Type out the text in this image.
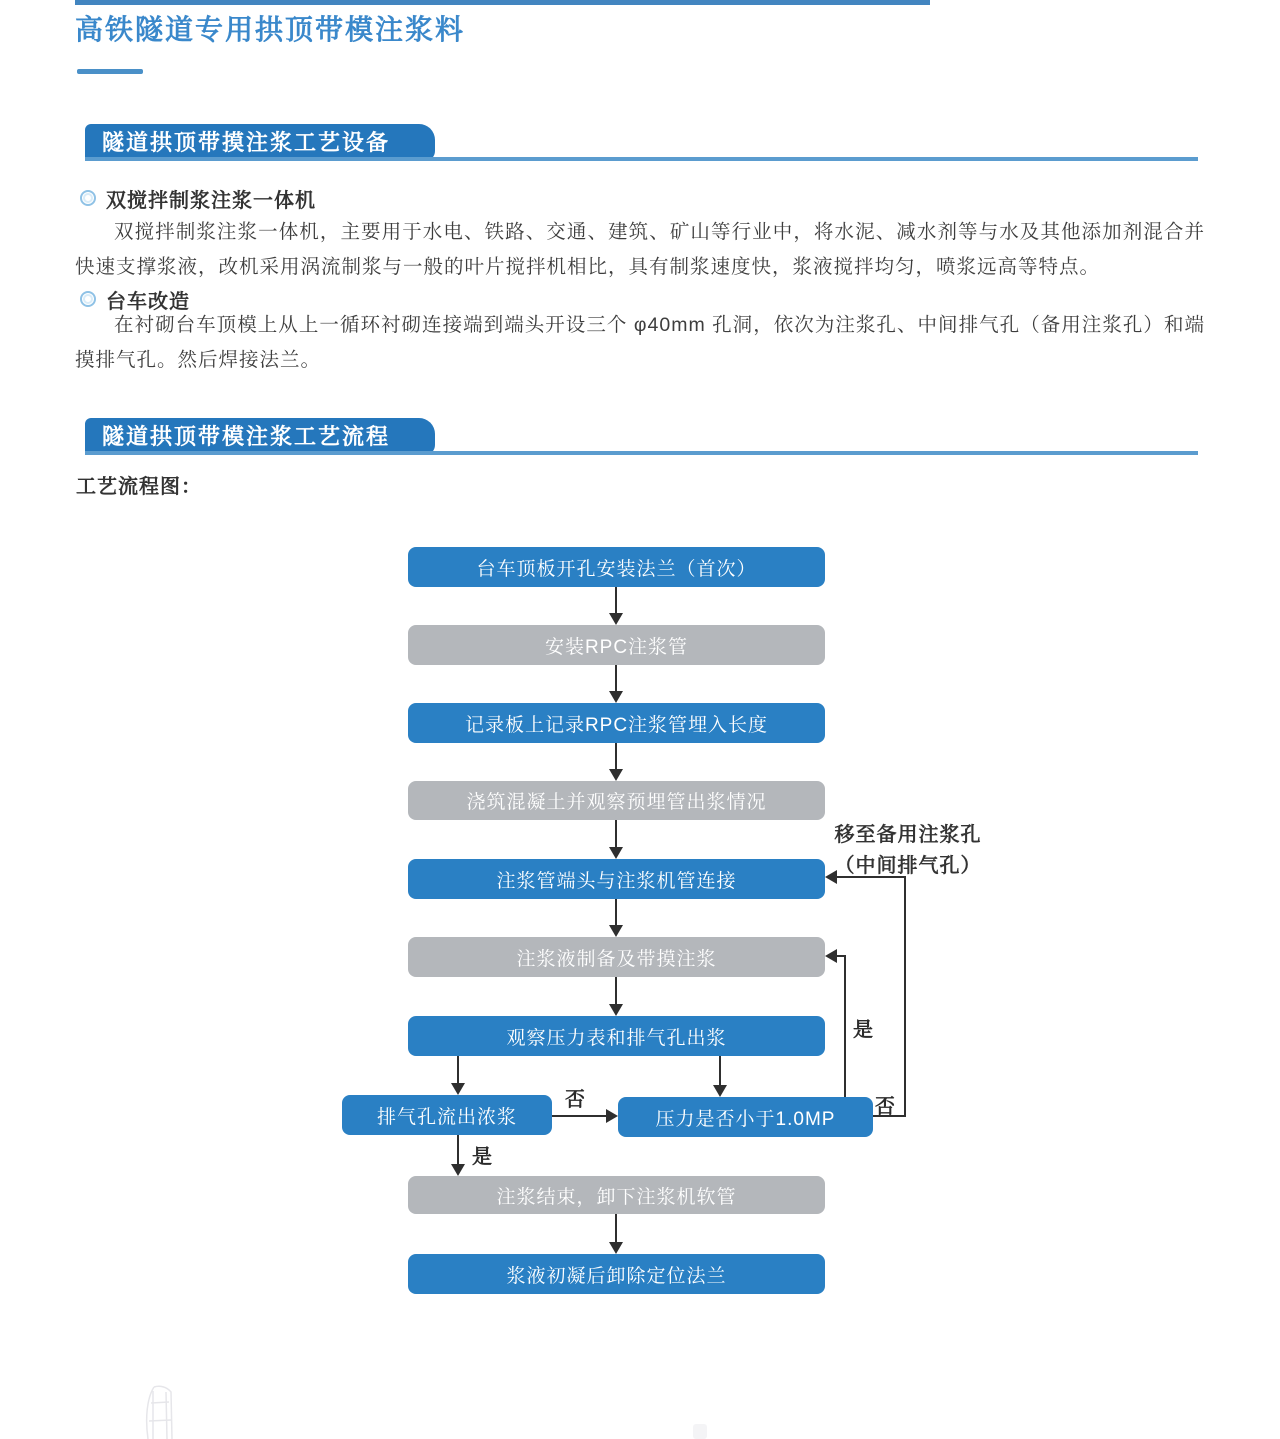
高铁隧道专用拱顶带模注浆料
隧道拱顶带摸注浆工艺设备
双搅拌制浆注浆一体机
双搅拌制浆注浆一体机，主要用于水电、铁路、交通、建筑、矿山等行业中，将水泥、减水剂等与水及其他添加剂混合并快速支撑浆液，改机采用涡流制浆与一般的叶片搅拌机相比，具有制浆速度快，浆液搅拌均匀，喷浆远高等特点。
台车改造
在衬砌台车顶模上从上一循环衬砌连接端到端头开设三个 φ40mm 孔洞，依次为注浆孔、中间排气孔（备用注浆孔）和端摸排气孔。然后焊接法兰。
隧道拱顶带模注浆工艺流程
工艺流程图：
台车顶板开孔安装法兰（首次）
安装RPC注浆管
记录板上记录RPC注浆管埋入长度
浇筑混凝土并观察预埋管出浆情况
注浆管端头与注浆机管连接
注浆液制备及带摸注浆
观察压力表和排气孔出浆
排气孔流出浓浆	压力是否小于1.0MP
注浆结束，卸下注浆机软管
浆液初凝后卸除定位法兰
否
是
是
否
移至备用注浆孔
（中间排气孔）
